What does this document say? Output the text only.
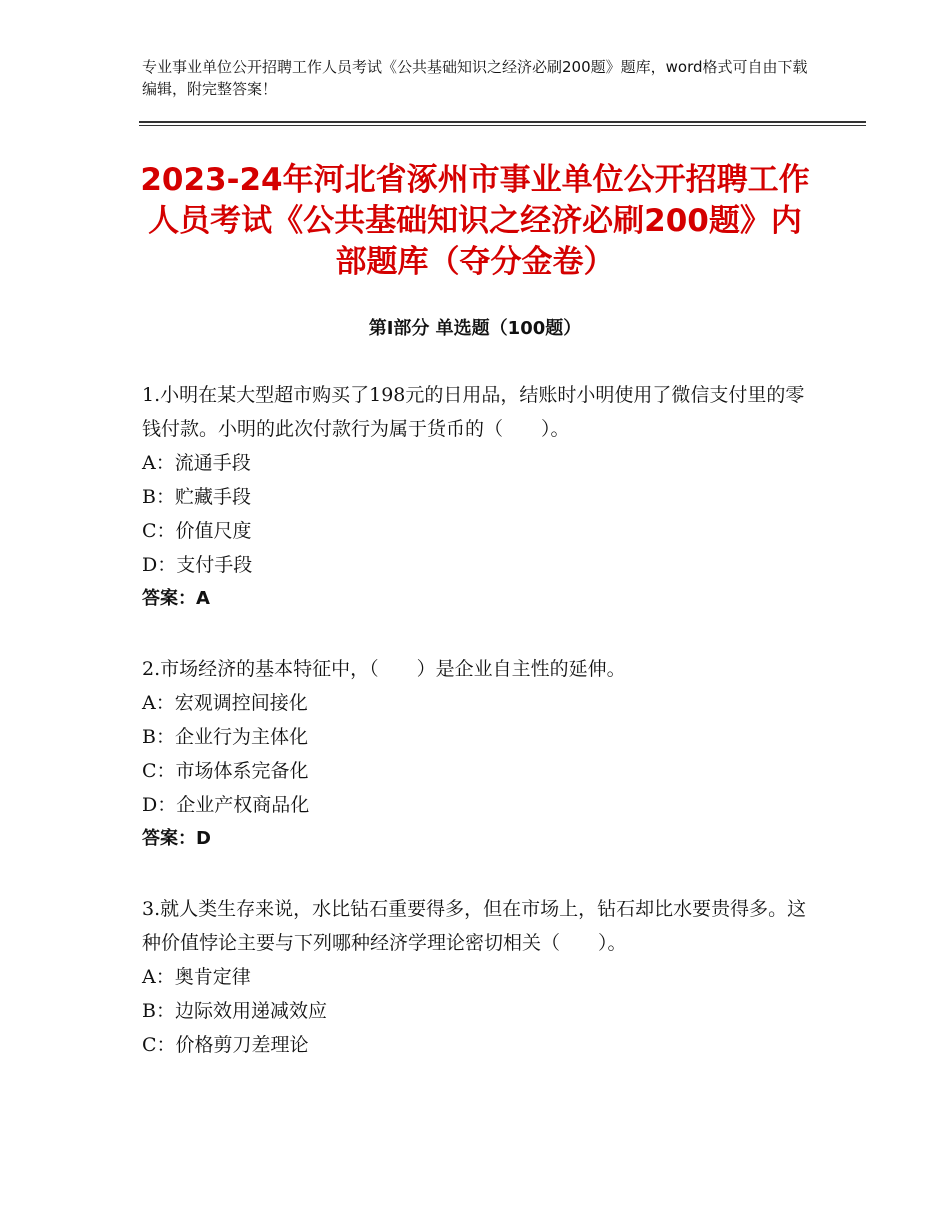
专业事业单位公开招聘工作人员考试《公共基础知识之经济必刷200题》题库，word格式可自由下载编辑，附完整答案！
2023-24年河北省涿州市事业单位公开招聘工作人员考试《公共基础知识之经济必刷200题》内部题库（夺分金卷）
第Ⅰ部分 单选题（100题）
1.小明在某大型超市购买了198元的日用品，结账时小明使用了微信支付里的零钱付款。小明的此次付款行为属于货币的（　　）。
A：流通手段
B：贮藏手段
C：价值尺度
D：支付手段
答案：A
2.市场经济的基本特征中，（　　）是企业自主性的延伸。
A：宏观调控间接化
B：企业行为主体化
C：市场体系完备化
D：企业产权商品化
答案：D
3.就人类生存来说，水比钻石重要得多，但在市场上，钻石却比水要贵得多。这种价值悖论主要与下列哪种经济学理论密切相关（　　）。
A：奥肯定律
B：边际效用递减效应
C：价格剪刀差理论
